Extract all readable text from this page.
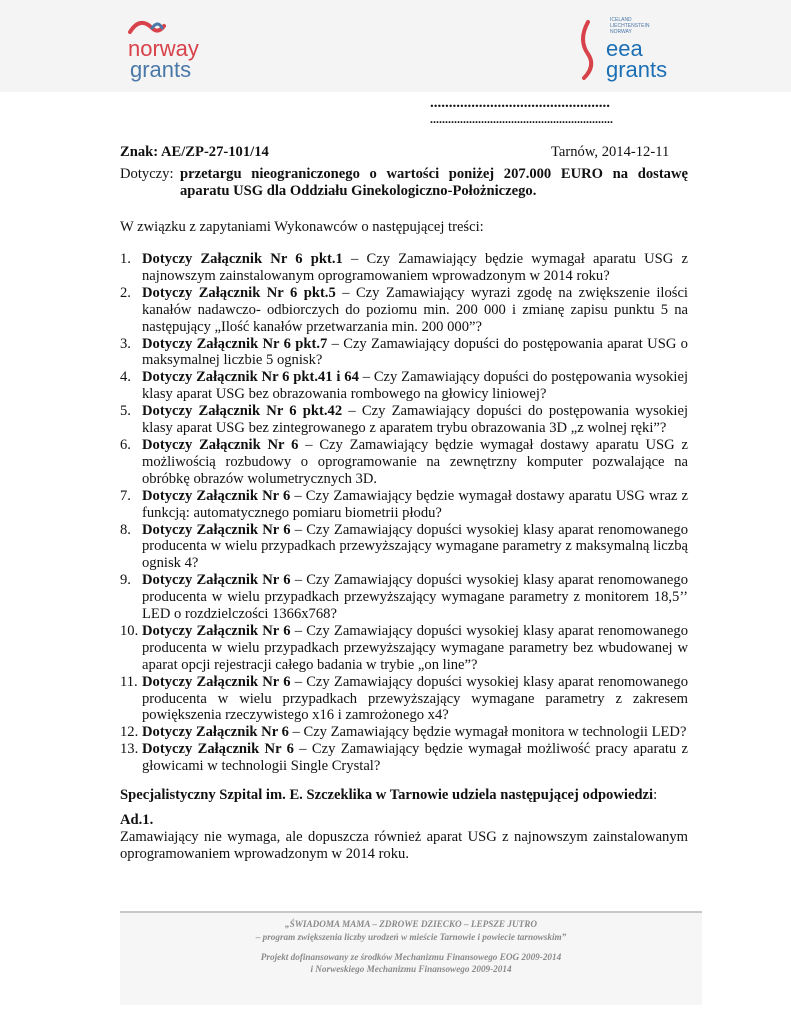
norway
grants
ICELAND
LIECHTENSTEIN
NORWAY
eea
grants
................................................
.............................................................
Znak: AE/ZP-27-101/14	Tarnów, 2014-12-11
Dotyczy: przetargu nieograniczonego o wartości poniżej 207.000 EURO na dostawę aparatu USG dla Oddziału Ginekologiczno-Położniczego.
W związku z zapytaniami Wykonawców o następującej treści:
1. Dotyczy Załącznik Nr 6 pkt.1 – Czy Zamawiający będzie wymagał aparatu USG z najnowszym zainstalowanym oprogramowaniem wprowadzonym w 2014 roku?
2. Dotyczy Załącznik Nr 6 pkt.5 – Czy Zamawiający wyrazi zgodę na zwiększenie ilości kanałów nadawczo- odbiorczych do poziomu min. 200 000 i zmianę zapisu punktu 5 na następujący „Ilość kanałów przetwarzania min. 200 000”?
3. Dotyczy Załącznik Nr 6 pkt.7 – Czy Zamawiający dopuści do postępowania aparat USG o maksymalnej liczbie 5 ognisk?
4. Dotyczy Załącznik Nr 6 pkt.41 i 64 – Czy Zamawiający dopuści do postępowania wysokiej klasy aparat USG bez obrazowania rombowego na głowicy liniowej?
5. Dotyczy Załącznik Nr 6 pkt.42 – Czy Zamawiający dopuści do postępowania wysokiej klasy aparat USG bez zintegrowanego z aparatem trybu obrazowania 3D „z wolnej ręki”?
6. Dotyczy Załącznik Nr 6 – Czy Zamawiający będzie wymagał dostawy aparatu USG z możliwością rozbudowy o oprogramowanie na zewnętrzny komputer pozwalające na obróbkę obrazów wolumetrycznych 3D.
7. Dotyczy Załącznik Nr 6 – Czy Zamawiający będzie wymagał dostawy aparatu USG wraz z funkcją: automatycznego pomiaru biometrii płodu?
8. Dotyczy Załącznik Nr 6 – Czy Zamawiający dopuści wysokiej klasy aparat renomowanego producenta w wielu przypadkach przewyższający wymagane parametry z maksymalną liczbą ognisk 4?
9. Dotyczy Załącznik Nr 6 – Czy Zamawiający dopuści wysokiej klasy aparat renomowanego producenta w wielu przypadkach przewyższający wymagane parametry z monitorem 18,5’’ LED o rozdzielczości 1366x768?
10. Dotyczy Załącznik Nr 6 – Czy Zamawiający dopuści wysokiej klasy aparat renomowanego producenta w wielu przypadkach przewyższający wymagane parametry bez wbudowanej w aparat opcji rejestracji całego badania w trybie „on line”?
11. Dotyczy Załącznik Nr 6 – Czy Zamawiający dopuści wysokiej klasy aparat renomowanego producenta w wielu przypadkach przewyższający wymagane parametry z zakresem powiększenia rzeczywistego x16 i zamrożonego x4?
12. Dotyczy Załącznik Nr 6 – Czy Zamawiający będzie wymagał monitora w technologii LED?
13. Dotyczy Załącznik Nr 6 – Czy Zamawiający będzie wymagał możliwość pracy aparatu z głowicami w technologii Single Crystal?
Specjalistyczny Szpital im. E. Szczeklika w Tarnowie udziela następującej odpowiedzi:
Ad.1.
Zamawiający nie wymaga, ale dopuszcza również aparat USG z najnowszym zainstalowanym oprogramowaniem wprowadzonym w 2014 roku.
„ŚWIADOMA MAMA – ZDROWE DZIECKO – LEPSZE JUTRO
– program zwiększenia liczby urodzeń w mieście Tarnowie i powiecie tarnowskim”
Projekt dofinansowany ze środków Mechanizmu Finansowego EOG 2009-2014
i Norweskiego Mechanizmu Finansowego 2009-2014
